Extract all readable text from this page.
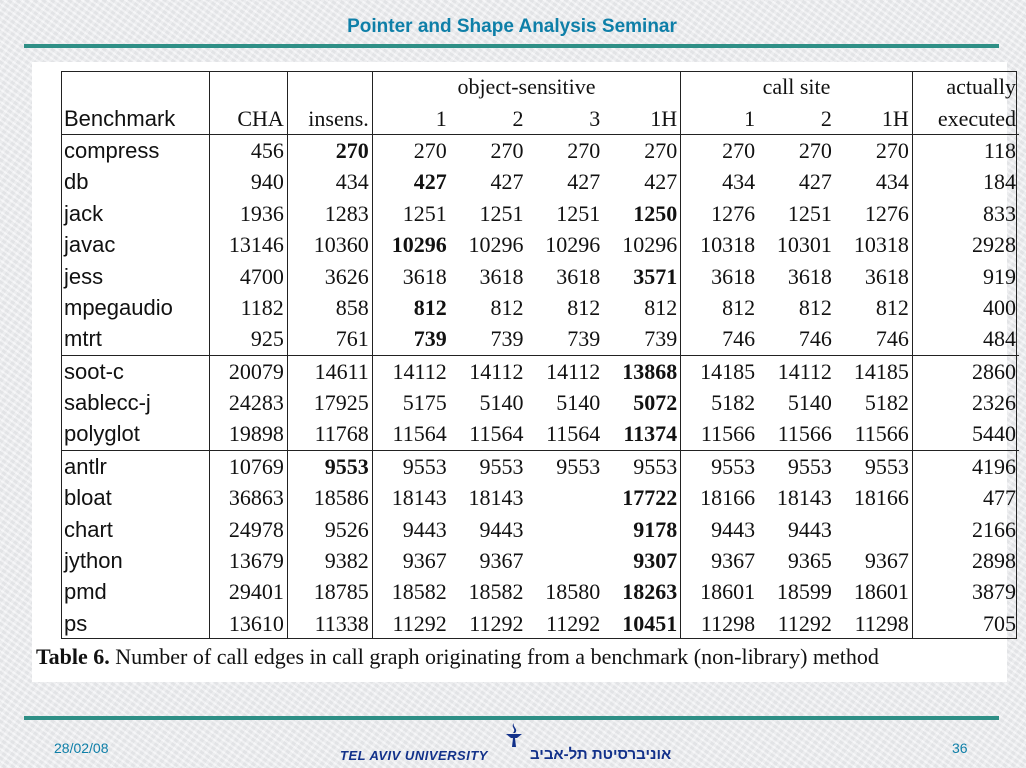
Pointer and Shape Analysis Seminar
			object-sensitive				call site			actually
Benchmark	CHA	insens.	1	2	3	1H	1	2	1H	executed
compress	456	270	270	270	270	270	270	270	270	118
db	940	434	427	427	427	427	434	427	434	184
jack	1936	1283	1251	1251	1251	1250	1276	1251	1276	833
javac	13146	10360	10296	10296	10296	10296	10318	10301	10318	2928
jess	4700	3626	3618	3618	3618	3571	3618	3618	3618	919
mpegaudio	1182	858	812	812	812	812	812	812	812	400
mtrt	925	761	739	739	739	739	746	746	746	484
soot-c	20079	14611	14112	14112	14112	13868	14185	14112	14185	2860
sablecc-j	24283	17925	5175	5140	5140	5072	5182	5140	5182	2326
polyglot	19898	11768	11564	11564	11564	11374	11566	11566	11566	5440
antlr	10769	9553	9553	9553	9553	9553	9553	9553	9553	4196
bloat	36863	18586	18143	18143		17722	18166	18143	18166	477
chart	24978	9526	9443	9443		9178	9443	9443		2166
jython	13679	9382	9367	9367		9307	9367	9365	9367	2898
pmd	29401	18785	18582	18582	18580	18263	18601	18599	18601	3879
ps	13610	11338	11292	11292	11292	10451	11298	11292	11298	705
Table 6. Number of call edges in call graph originating from a benchmark (non-library) method
28/02/08	TEL AVIV UNIVERSITY	אוניברסיטת תל-אביב	36
